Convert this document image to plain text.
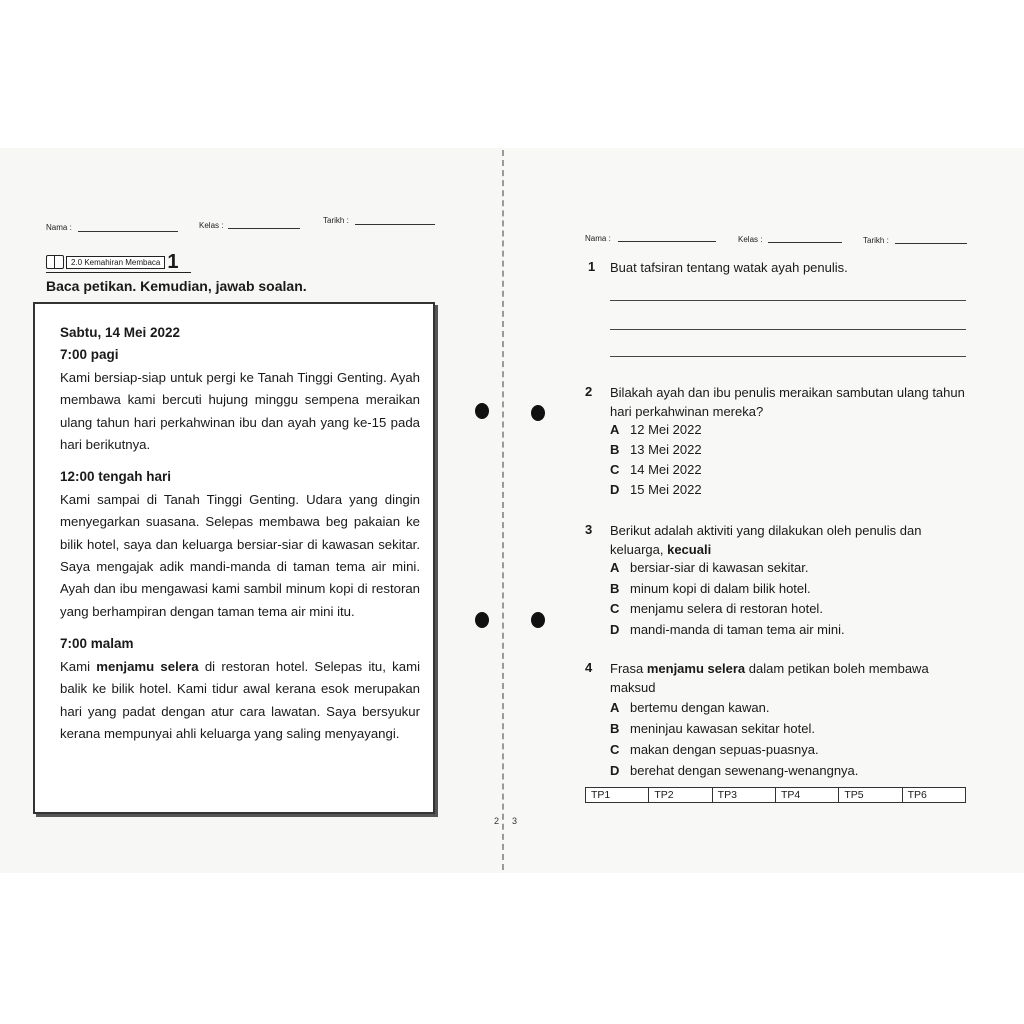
Nama :	Kelas :
Tarikh :
2.0 Kemahiran Membaca 1
Baca petikan. Kemudian, jawab soalan.
Sabtu, 14 Mei 2022
7:00 pagi

Kami bersiap-siap untuk pergi ke Tanah Tinggi Genting. Ayah membawa kami bercuti hujung minggu sempena meraikan ulang tahun hari perkahwinan ibu dan ayah yang ke-15 pada hari berikutnya.

12:00 tengah hari

Kami sampai di Tanah Tinggi Genting. Udara yang dingin menyegarkan suasana. Selepas membawa beg pakaian ke bilik hotel, saya dan keluarga bersiar-siar di kawasan sekitar. Saya mengajak adik mandi-manda di taman tema air mini. Ayah dan ibu mengawasi kami sambil minum kopi di restoran yang berhampiran dengan taman tema air mini itu.

7:00 malam

Kami menjamu selera di restoran hotel. Selepas itu, kami balik ke bilik hotel. Kami tidur awal kerana esok merupakan hari yang padat dengan atur cara lawatan. Saya bersyukur kerana mempunyai ahli keluarga yang saling menyayangi.

Nama :	Kelas :	Tarikh :
1 Buat tafsiran tentang watak ayah penulis.
2 Bilakah ayah dan ibu penulis meraikan sambutan ulang tahun hari perkahwinan mereka?
A 12 Mei 2022
B 13 Mei 2022
C 14 Mei 2022
D 15 Mei 2022
3 Berikut adalah aktiviti yang dilakukan oleh penulis dan keluarga, kecuali
A bersiar-siar di kawasan sekitar.
B minum kopi di dalam bilik hotel.
C menjamu selera di restoran hotel.
D mandi-manda di taman tema air mini.
4 Frasa menjamu selera dalam petikan boleh membawa maksud
A bertemu dengan kawan.
B meninjau kawasan sekitar hotel.
C makan dengan sepuas-puasnya.
D berehat dengan sewenang-wenangnya.
TP1	TP2	TP3	TP4	TP5	TP6
2 3
